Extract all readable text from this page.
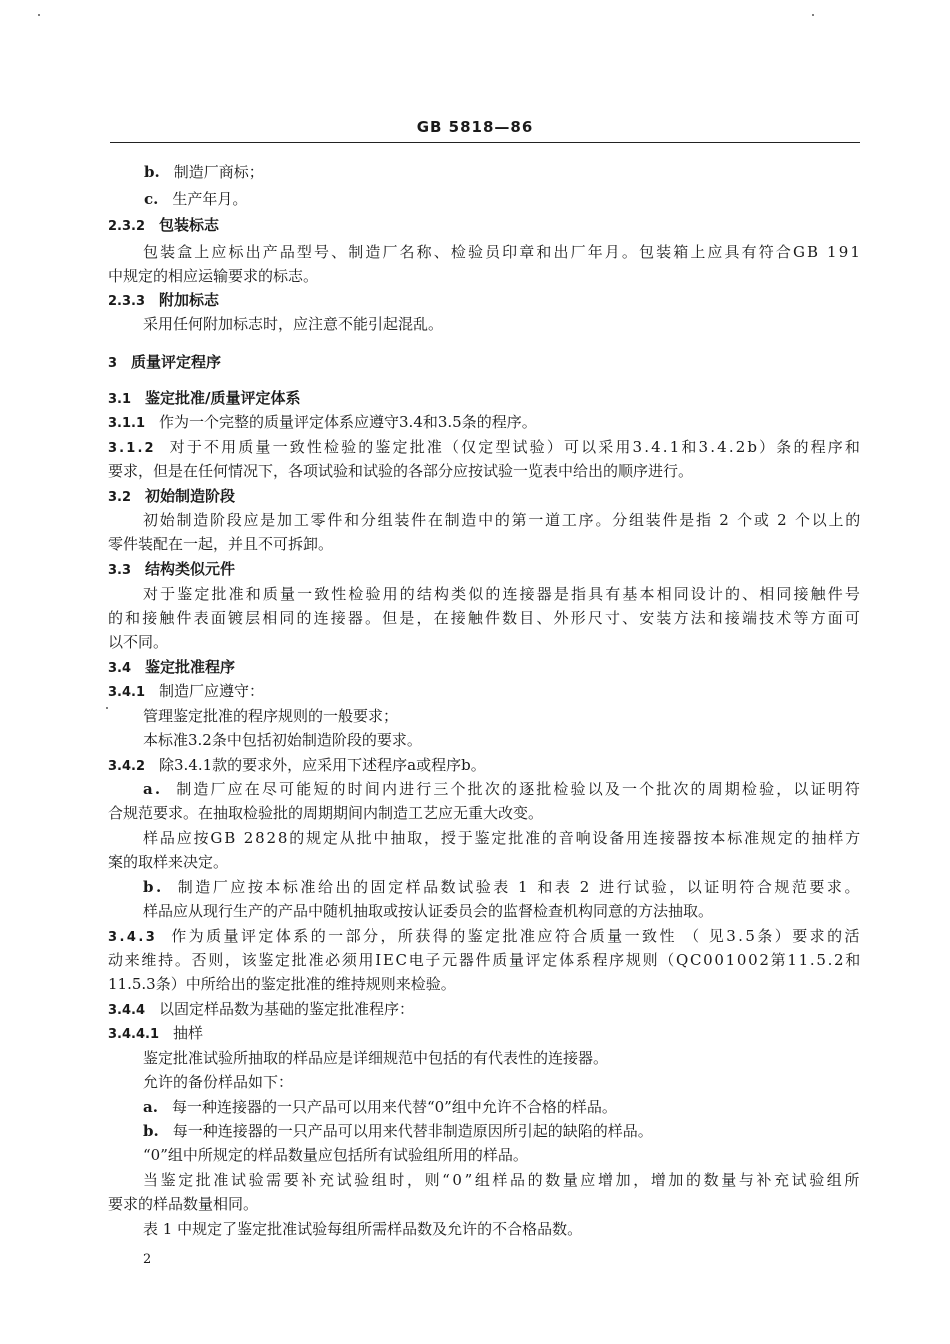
GB 5818—86
b. 制造厂商标；
c. 生产年月。
2.3.2 包装标志
包装盒上应标出产品型号、制造厂名称、检验员印章和出厂年月。包装箱上应具有符合GB 191
中规定的相应运输要求的标志。
2.3.3 附加标志
采用任何附加标志时，应注意不能引起混乱。
3 质量评定程序
3.1 鉴定批准/质量评定体系
3.1.1 作为一个完整的质量评定体系应遵守3.4和3.5条的程序。
3.1.2 对于不用质量一致性检验的鉴定批准（仅定型试验）可以采用3.4.1和3.4.2b）条的程序和
要求，但是在任何情况下，各项试验和试验的各部分应按试验一览表中给出的顺序进行。
3.2 初始制造阶段
初始制造阶段应是加工零件和分组装件在制造中的第一道工序。分组装件是指 2 个或 2 个以上的
零件装配在一起，并且不可拆卸。
3.3 结构类似元件
对于鉴定批准和质量一致性检验用的结构类似的连接器是指具有基本相同设计的、相同接触件号
的和接触件表面镀层相同的连接器。但是，在接触件数目、外形尺寸、安装方法和接端技术等方面可
以不同。
3.4 鉴定批准程序
3.4.1 制造厂应遵守：
管理鉴定批准的程序规则的一般要求；
本标准3.2条中包括初始制造阶段的要求。
3.4.2 除3.4.1款的要求外，应采用下述程序a或程序b。
a. 制造厂应在尽可能短的时间内进行三个批次的逐批检验以及一个批次的周期检验，以证明符
合规范要求。在抽取检验批的周期期间内制造工艺应无重大改变。
样品应按GB 2828的规定从批中抽取，授于鉴定批准的音响设备用连接器按本标准规定的抽样方
案的取样来决定。
b. 制造厂应按本标准给出的固定样品数试验表 1 和表 2 进行试验，以证明符合规范要求。
样品应从现行生产的产品中随机抽取或按认证委员会的监督检查机构同意的方法抽取。
3.4.3 作为质量评定体系的一部分，所获得的鉴定批准应符合质量一致性 （ 见3.5条）要求的活
动来维持。否则，该鉴定批准必须用IEC电子元器件质量评定体系程序规则（QC001002第11.5.2和
11.5.3条）中所给出的鉴定批准的维持规则来检验。
3.4.4 以固定样品数为基础的鉴定批准程序：
3.4.4.1 抽样
鉴定批准试验所抽取的样品应是详细规范中包括的有代表性的连接器。
允许的备份样品如下：
a. 每一种连接器的一只产品可以用来代替“0”组中允许不合格的样品。
b. 每一种连接器的一只产品可以用来代替非制造原因所引起的缺陷的样品。
“0”组中所规定的样品数量应包括所有试验组所用的样品。
当鉴定批准试验需要补充试验组时，则“0”组样品的数量应增加，增加的数量与补充试验组所
要求的样品数量相同。
表 1 中规定了鉴定批准试验每组所需样品数及允许的不合格品数。
2
